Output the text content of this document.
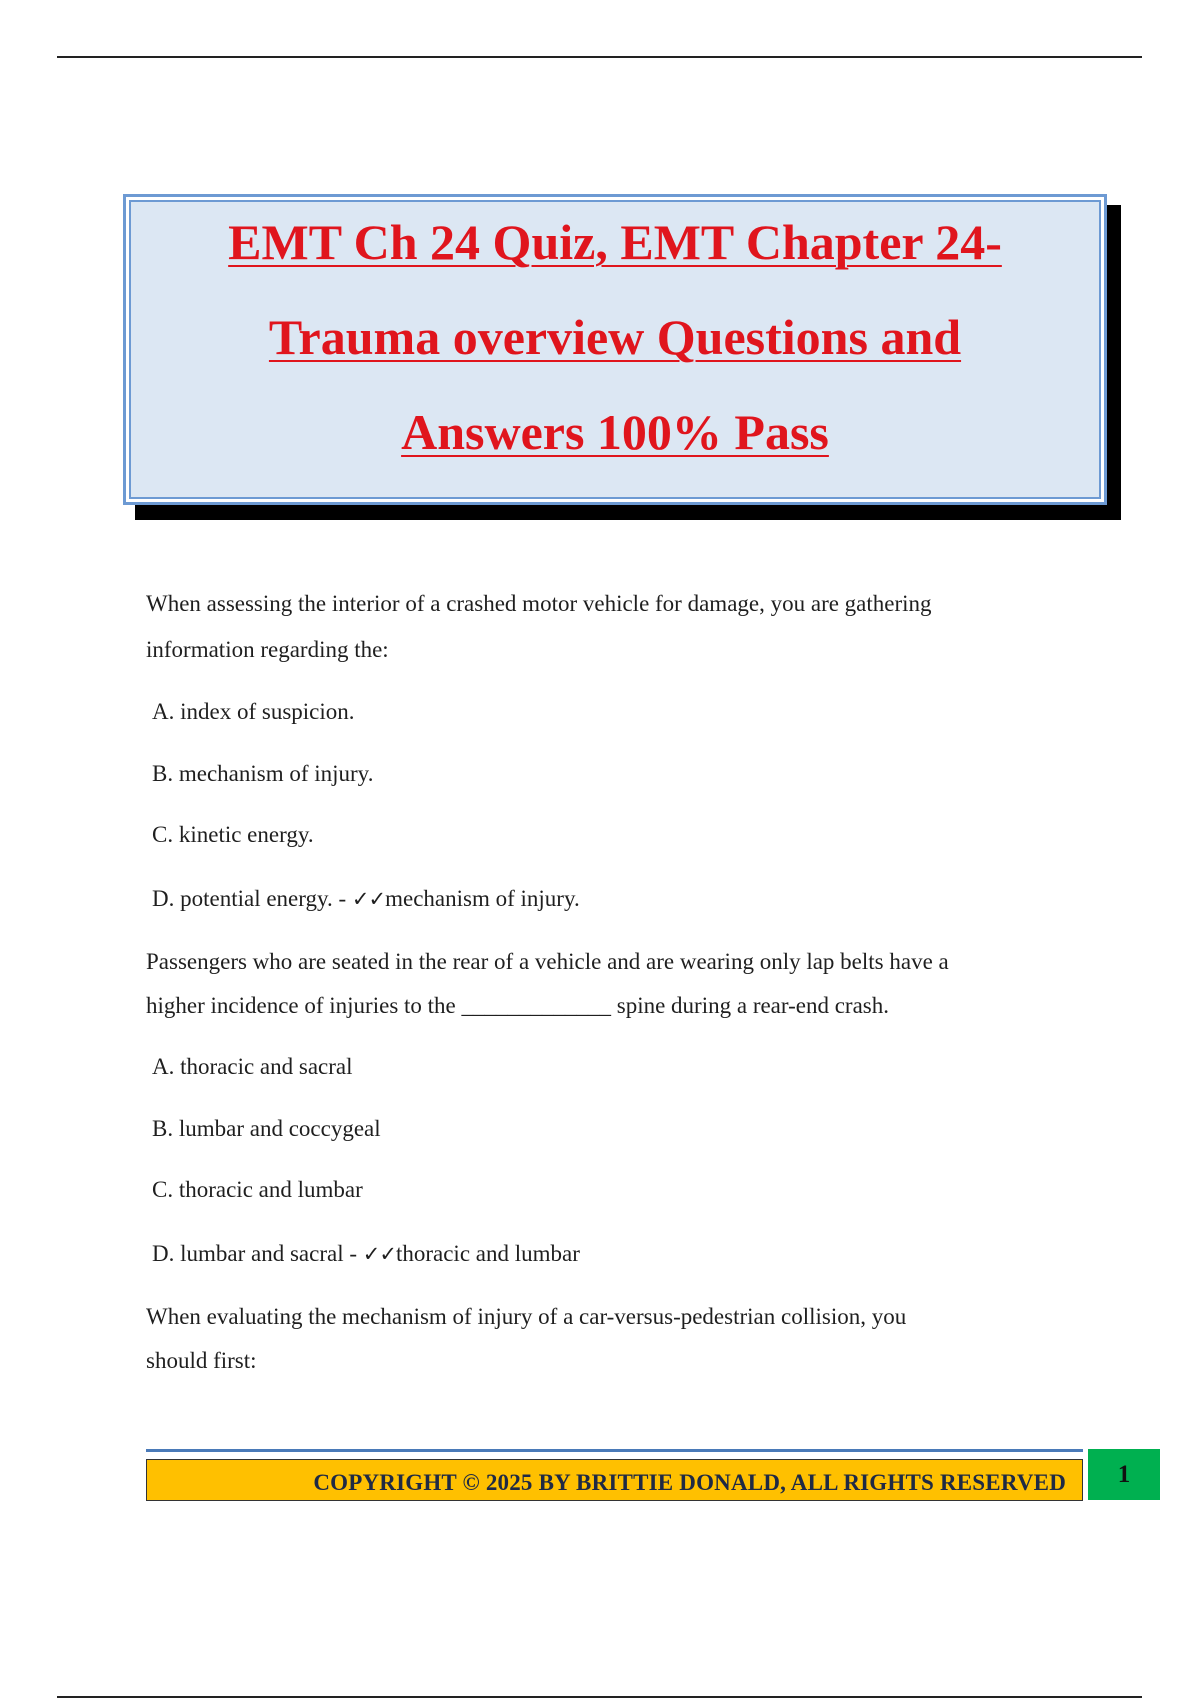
EMT Ch 24 Quiz, EMT Chapter 24-
Trauma overview Questions and
Answers 100% Pass
When assessing the interior of a crashed motor vehicle for damage, you are gathering
information regarding the:
A. index of suspicion.
B. mechanism of injury.
C. kinetic energy.
D. potential energy. - ✓✓mechanism of injury.
Passengers who are seated in the rear of a vehicle and are wearing only lap belts have a
higher incidence of injuries to the _____________ spine during a rear-end crash.
A. thoracic and sacral
B. lumbar and coccygeal
C. thoracic and lumbar
D. lumbar and sacral - ✓✓thoracic and lumbar
When evaluating the mechanism of injury of a car-versus-pedestrian collision, you
should first:
COPYRIGHT © 2025 BY BRITTIE DONALD, ALL RIGHTS RESERVED	1
